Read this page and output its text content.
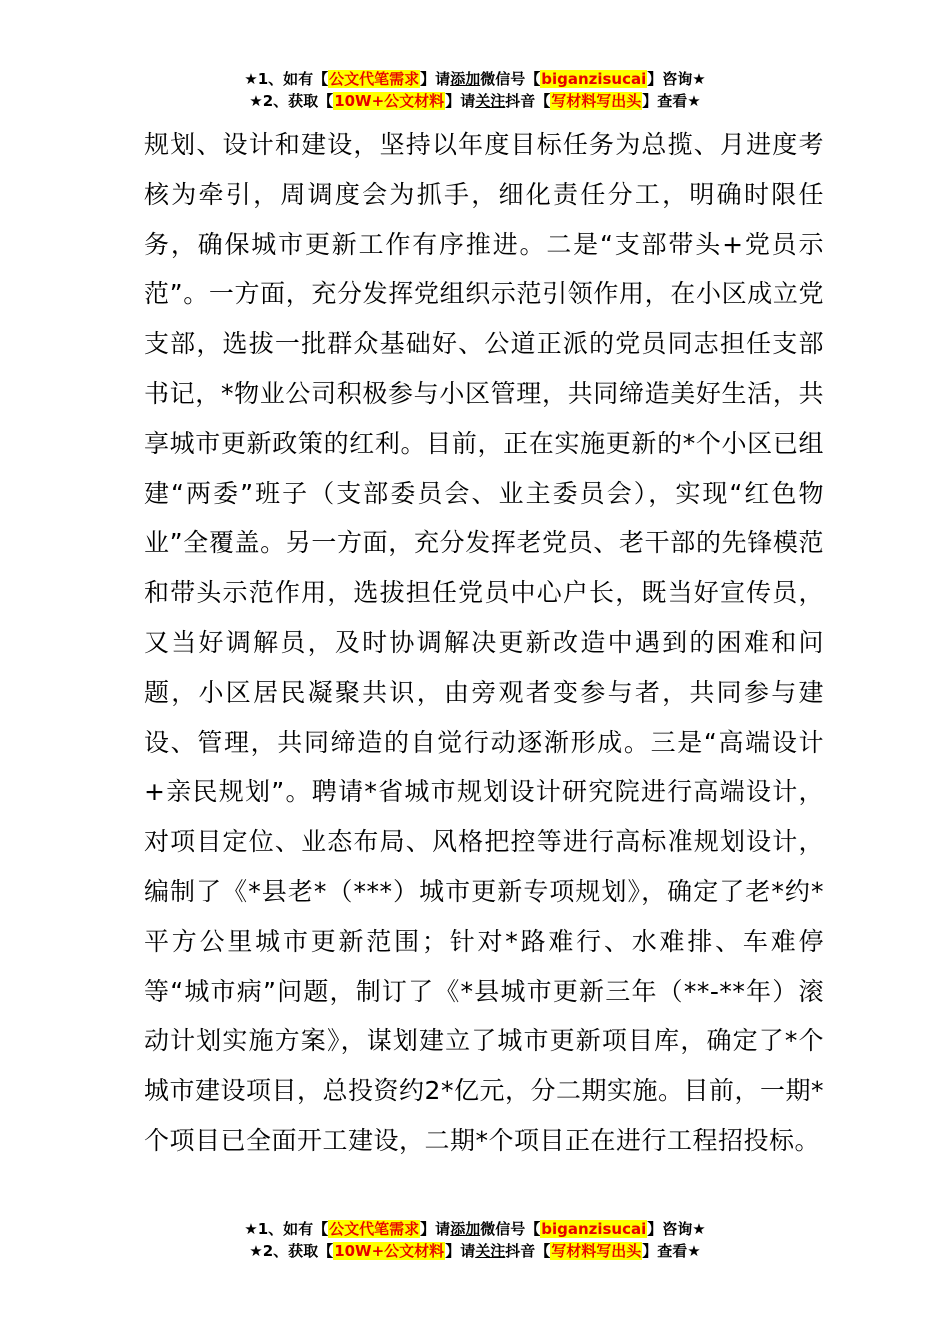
★1、如有【公文代笔需求】请添加微信号【biganzisucai】咨询★
★2、获取【10W+公文材料】请关注抖音【写材料写出头】查看★

规划、设计和建设，坚持以年度目标任务为总揽、月进度考核为牵引，周调度会为抓手，细化责任分工，明确时限任务，确保城市更新工作有序推进。二是“支部带头+党员示范”。一方面，充分发挥党组织示范引领作用，在小区成立党支部，选拔一批群众基础好、公道正派的党员同志担任支部书记，*物业公司积极参与小区管理，共同缔造美好生活，共享城市更新政策的红利。目前，正在实施更新的*个小区已组建“两委”班子（支部委员会、业主委员会），实现“红色物业”全覆盖。另一方面，充分发挥老党员、老干部的先锋模范和带头示范作用，选拔担任党员中心户长，既当好宣传员，又当好调解员，及时协调解决更新改造中遇到的困难和问题，小区居民凝聚共识，由旁观者变参与者，共同参与建设、管理，共同缔造的自觉行动逐渐形成。三是“高端设计+亲民规划”。聘请*省城市规划设计研究院进行高端设计，对项目定位、业态布局、风格把控等进行高标准规划设计，编制了《*县老*（***）城市更新专项规划》，确定了老*约*平方公里城市更新范围；针对*路难行、水难排、车难停等“城市病”问题，制订了《*县城市更新三年（**-**年）滚动计划实施方案》，谋划建立了城市更新项目库，确定了*个城市建设项目，总投资约2*亿元，分二期实施。目前，一期*个项目已全面开工建设，二期*个项目正在进行工程招投标。

★1、如有【公文代笔需求】请添加微信号【biganzisucai】咨询★
★2、获取【10W+公文材料】请关注抖音【写材料写出头】查看★
